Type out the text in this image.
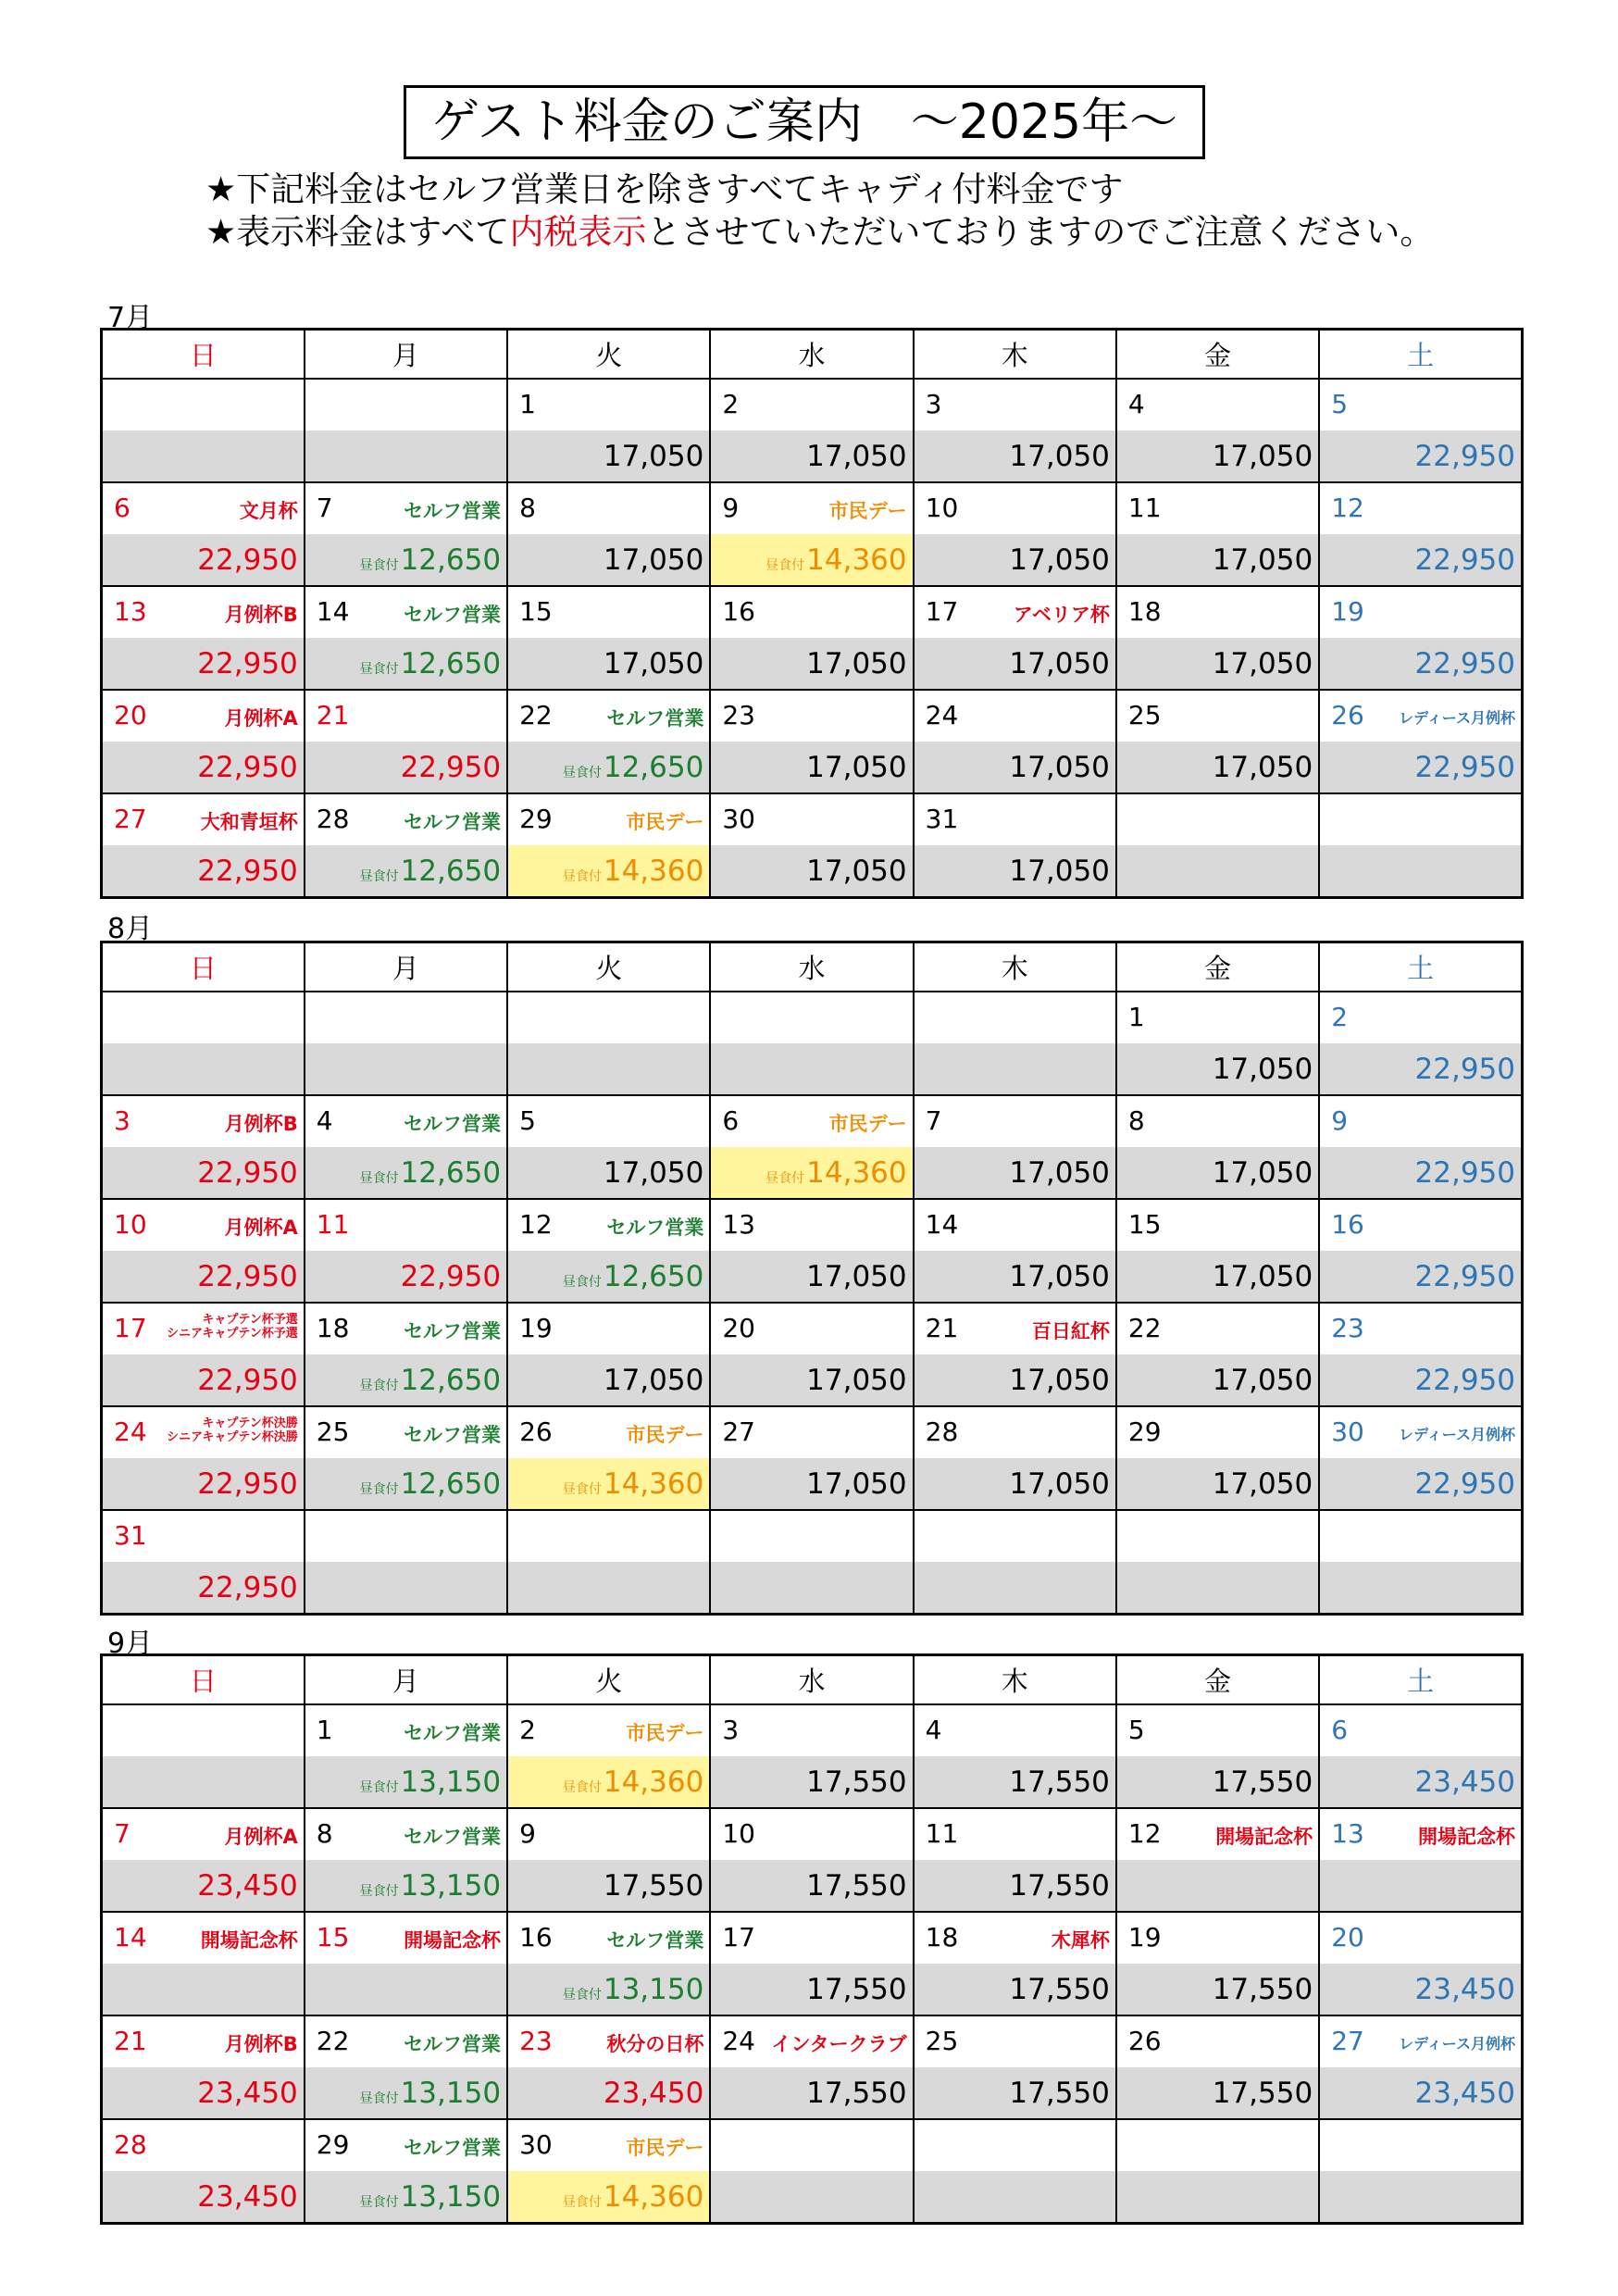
ゲスト料金のご案内　～2025年～
★下記料金はセルフ営業日を除きすべてキャディ付料金です
★表示料金はすべて内税表示とさせていただいておりますのでご注意ください。
7月
日	月	火	水	木	金	土

		1	2	3	4	5

		17,050	17,050	17,050	17,050	22,950

6 文月杯	7 セルフ営業	8	9 市民デー	10	11	12

22,950	昼食付12,650	17,050	昼食付14,360	17,050	17,050	22,950

13 月例杯B	14 セルフ営業	15	16	17 アベリア杯	18	19

22,950	昼食付12,650	17,050	17,050	17,050	17,050	22,950

20 月例杯A	21	22 セルフ営業	23	24	25	26 レディース月例杯

22,950	22,950	昼食付12,650	17,050	17,050	17,050	22,950

27 大和青垣杯	28 セルフ営業	29 市民デー	30	31		

22,950	昼食付12,650	昼食付14,360	17,050	17,050		

8月
日	月	火	水	木	金	土

					1	2

					17,050	22,950

3 月例杯B	4 セルフ営業	5	6 市民デー	7	8	9

22,950	昼食付12,650	17,050	昼食付14,360	17,050	17,050	22,950

10 月例杯A	11	12 セルフ営業	13	14	15	16

22,950	22,950	昼食付12,650	17,050	17,050	17,050	22,950

17 キャプテン杯予選
シニアキャプテン杯予選	18 セルフ営業	19	20	21 百日紅杯	22	23

22,950	昼食付12,650	17,050	17,050	17,050	17,050	22,950

24 キャプテン杯決勝
シニアキャプテン杯決勝	25 セルフ営業	26 市民デー	27	28	29	30 レディース月例杯

22,950	昼食付12,650	昼食付14,360	17,050	17,050	17,050	22,950

31						

22,950						

9月
日	月	火	水	木	金	土

	1 セルフ営業	2 市民デー	3	4	5	6

	昼食付13,150	昼食付14,360	17,550	17,550	17,550	23,450

7 月例杯A	8 セルフ営業	9	10	11	12 開場記念杯	13 開場記念杯

23,450	昼食付13,150	17,550	17,550	17,550		

14 開場記念杯	15 開場記念杯	16 セルフ営業	17	18 木犀杯	19	20

		昼食付13,150	17,550	17,550	17,550	23,450

21 月例杯B	22 セルフ営業	23 秋分の日杯	24 インタークラブ	25	26	27 レディース月例杯

23,450	昼食付13,150	23,450	17,550	17,550	17,550	23,450

28	29 セルフ営業	30 市民デー				

23,450	昼食付13,150	昼食付14,360				
